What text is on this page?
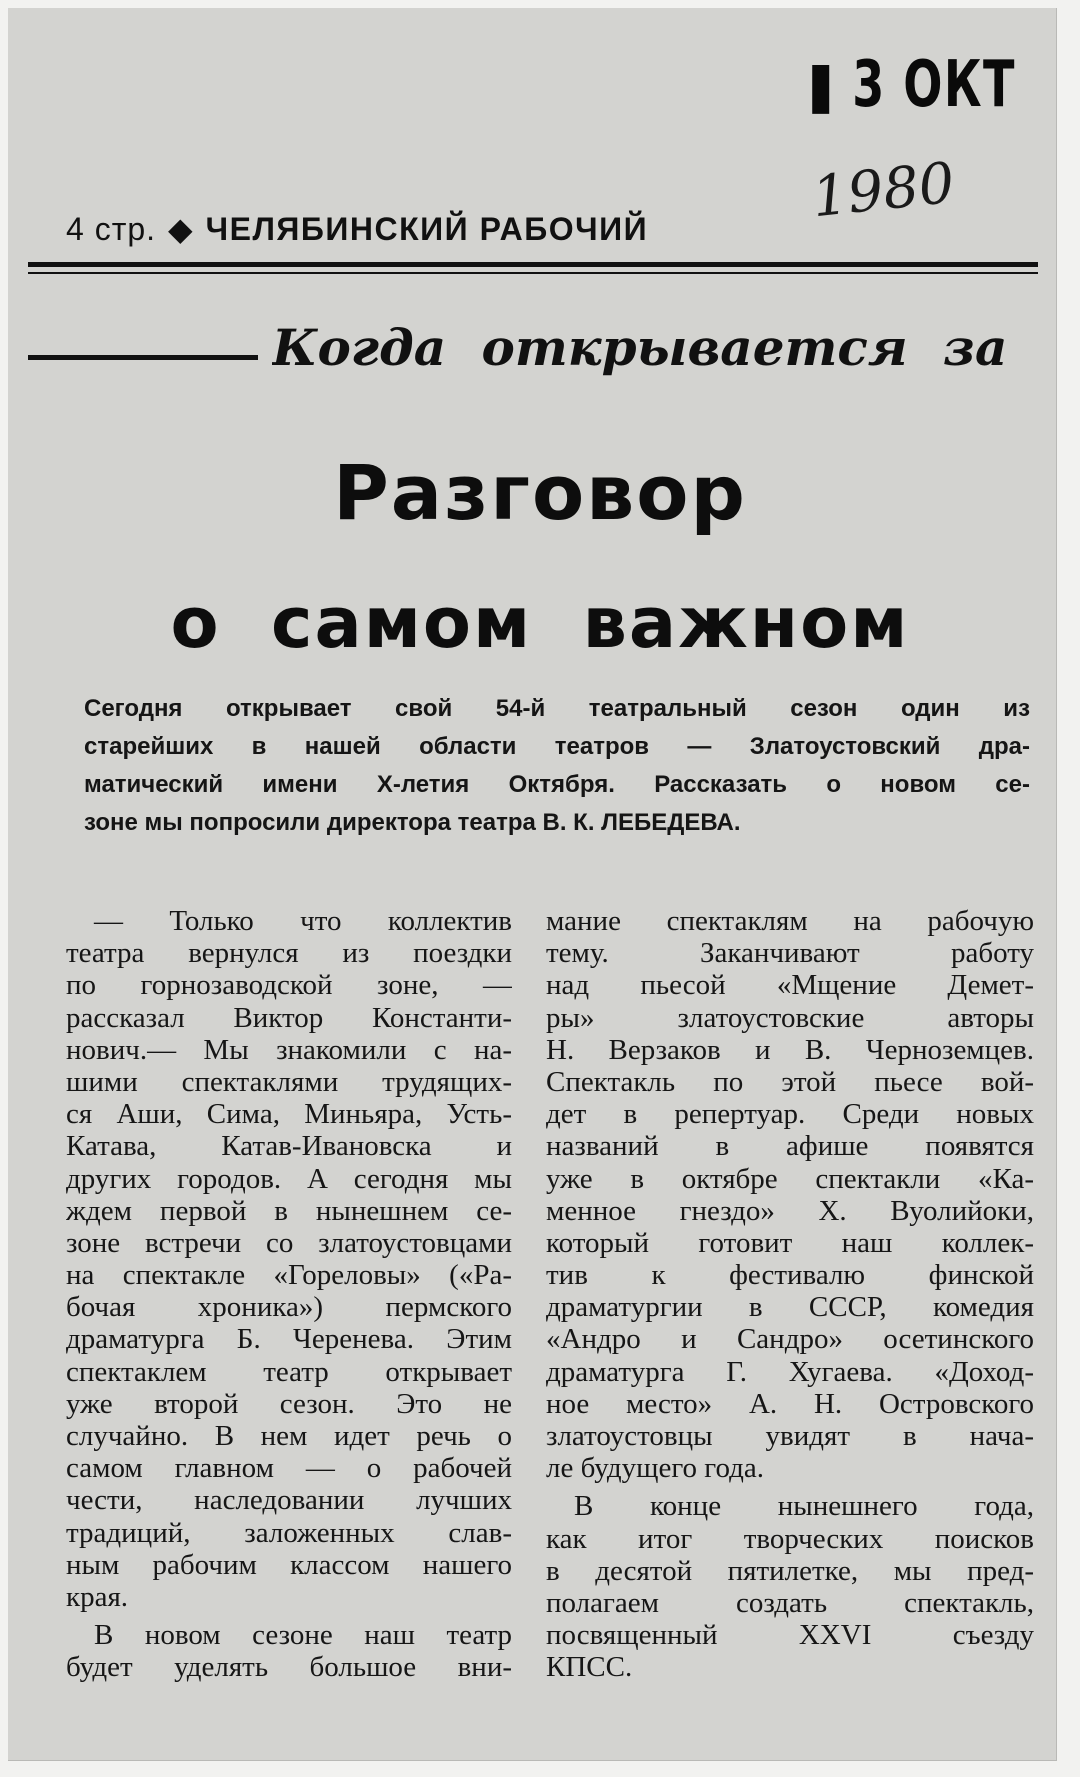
▮ 3 ОКТ
1980
4 стр. ◆ ЧЕЛЯБИНСКИЙ РАБОЧИЙ
Когда открывается за
Разговор
о самом важном

Сегодня открывает свой 54-й театральный сезон один из

старейших в нашей области театров — Златоустовский дра-

матический имени X-летия Октября. Рассказать о новом се-

зоне мы попросили директора театра В. К. ЛЕБЕДЕВА.

— Только что коллектив
театра вернулся из поездки
по горнозаводской зоне, —
рассказал Виктор Константи-
нович.— Мы знакомили с на-
шими спектаклями трудящих-
ся Аши, Сима, Миньяра, Усть-
Катава, Катав-Ивановска и
других городов. А сегодня мы
ждем первой в нынешнем се-
зоне встречи со златоустовцами
на спектакле «Гореловы» («Ра-
бочая хроника») пермского
драматурга Б. Черенева. Этим
спектаклем театр открывает
уже второй сезон. Это не
случайно. В нем идет речь о
самом главном — о рабочей
чести, наследовании лучших
традиций, заложенных слав-
ным рабочим классом нашего
края.
В новом сезоне наш театр
будет уделять большое вни-
мание спектаклям на рабочую
тему. Заканчивают работу
над пьесой «Мщение Демет-
ры» златоустовские авторы
Н. Верзаков и В. Черноземцев.
Спектакль по этой пьесе вой-
дет в репертуар. Среди новых
названий в афише появятся
уже в октябре спектакли «Ка-
менное гнездо» Х. Вуолийоки,
который готовит наш коллек-
тив к фестивалю финской
драматургии в СССР, комедия
«Андро и Сандро» осетинского
драматурга Г. Хугаева. «Доход-
ное место» А. Н. Островского
златоустовцы увидят в нача-
ле будущего года.
В конце нынешнего года,
как итог творческих поисков
в десятой пятилетке, мы пред-
полагаем создать спектакль,
посвященный XXVI съезду
КПСС.
